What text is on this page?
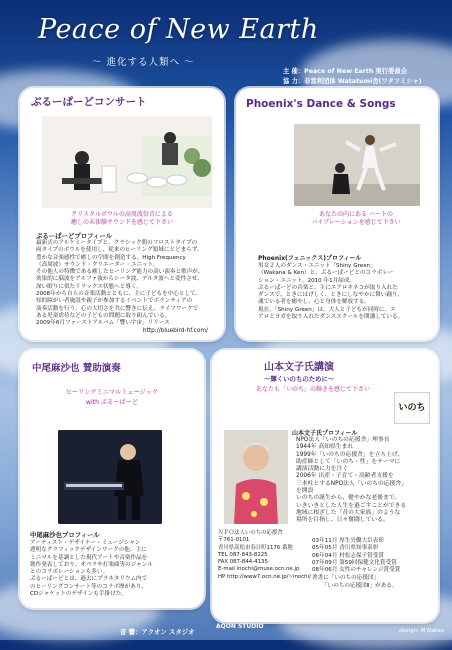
Peace of New Earth
〜 進化する人類へ 〜
主 催：Peace of New Earth 実行委員会
協 力：非営利団体 Watatumi舎(ワタツミシャ)
ぷるーぱーどコンサート
クリスタルボウルの高周波倍音による
癒しの未体験サウンドを感じて下さい
ぷるーぱーどプロフィール
最新式のアルケミータイプと、クラシック朝のフロストタイプの
両タイプのボウルを使用し、従来のヒーリング領域にとどまらず、
豊かな音楽感性で癒しの空間を創造する。High Frequency
（高周波）サウンド・クリエーター・ユニット。
その他人の特徴である癒したヒーリング能力の高い演奏と歌声が、
効果的に脳波をアルファ波からシータ波、デルタ波へと変性させ、
深い眠りに似たリラックス状態へと導く。
2008年から自らの音楽活動とともに、主に子どもを中心として、
知的障がい者施設や親子が参加するイベントでボランティアの
演奏活動を行う。心の大切さを共に響きに伝え、ライフワークで
ある児童虐待などの子どもの問題に取り組んでいる。
2009年6月ファーストアルバム「響い宇宙」リリース
http://bluebird-hf.com/
Phoenix's Dance & Songs
あなたの内にある ハートの
バイブレーションを感じて下さい
Phoenix(フェニックス)プロフィール
男女２人のダンス・ユニット「Shiny Green」
（Wakana & Ken）と、ぷるーぱーどとのコラボレー
ション・ユニット。2010 年1月結成。
ぷるーぱーどの音楽と、主にエアロキネコが取り入れた
ダンスで、ときにはげしく、ときにしなやかに舞い踊り、
魂でいる者を癒やし、心と身体を解放する。
現在、「Shiny Green」は、大人と子どもが同時に、エ
アロとヨガを取り入れたダンススクールを開講している。
中尾麻沙也 賛助演奏
ヒーリングミニマルミュージック
with ぷるーぱーど
中尾麻沙也プロフィール
アーティスト・デザイナー・ミュージシャン
透明なグラフィックデザインワークの他、主に
ミニマルを基調とした現代アートや音楽作品を
創作発表しており、オペラや打楽曲等のジャンル
とのコラボレーションも多い。
ぷるーぱーどとは、過去にプラネタリウム内で
のヒーリングコンサート等のコラボ歴があり、
CDジャケットのデザインも手掛けた。
山本文子氏講演
〜輝くいのちのために〜
あなたも「いのち」の輝きを感じて下さい
いのち
山本文子氏プロフィール
NPO法人「いのちの応援舎」理事長
1944年 高知県生まれ
1999年「いのちの応援舎」を立ち上げ、
助産師として「いのち・性」をテーマに
講演活動に力を注ぐ
2006年 出産・子育て・高齢者支援を
三本柱とするNPO法人「いのちの応援舎」
を開設
いのちの誕生から、健やかな老後まで。
いきいきとした人生を過ごすことができる
地域に根ざした「昔の大家族」のような
場所を目指し、日々奮闘している。
ＮＰＯ法人いのちの応援舎
〒761-0101
香川県高松市春日町1176 番地
TEL 087-843-8225
FAX 087-844-4135
E-mail inochi@muse.ocn.ne.jp
HP http://www7.ocn.ne.jp/~inochi/
03年11月 厚生労働大臣表彰
05年05月 香川県知事表彰
06年04月 村松志保子賞受賞
07年09月 第59回保健文化賞受賞
08年06月 女性のチャレンジ賞受賞
著書に「いのちの応援団」
「いのちの応援団Ⅱ」がある。
音 響：アクオン スタジオ
AQON STUDIO
design: M Nakao
